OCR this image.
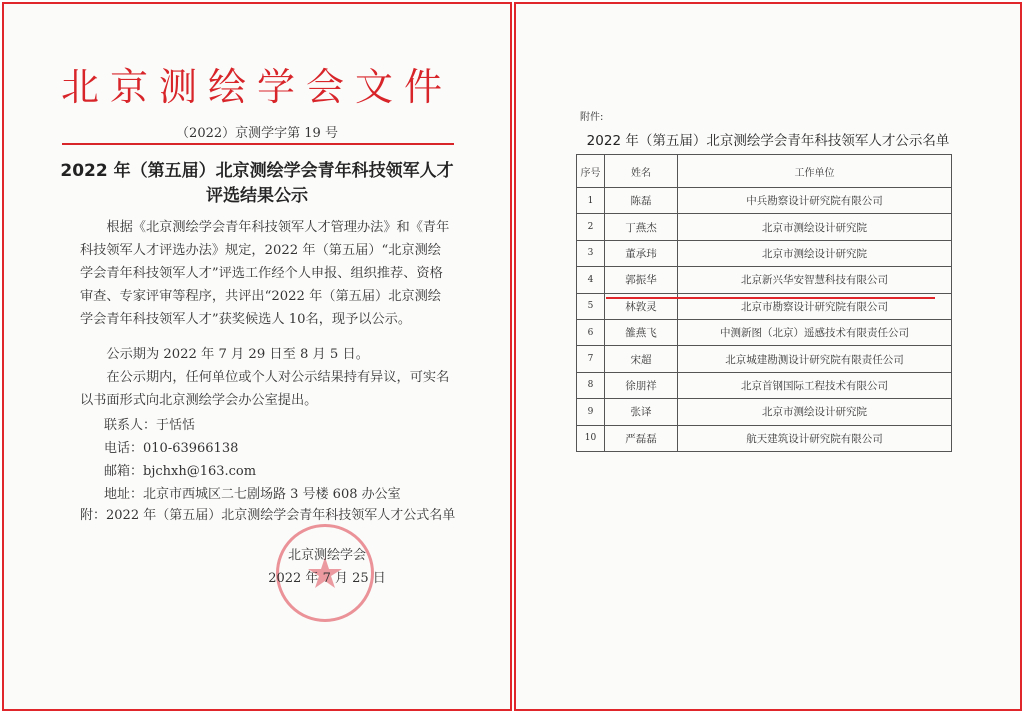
北京测绘学会文件
（2022）京测学字第 19 号
2022 年（第五届）北京测绘学会青年科技领军人才
评选结果公示
根据《北京测绘学会青年科技领军人才管理办法》和《青年科技领军人才评选办法》规定，2022 年（第五届）“北京测绘学会青年科技领军人才”评选工作经个人申报、组织推荐、资格审查、专家评审等程序，共评出“2022 年（第五届）北京测绘学会青年科技领军人才”获奖候选人 10名，现予以公示。
公示期为 2022 年 7 月 29 日至 8 月 5 日。
在公示期内，任何单位或个人对公示结果持有异议，可实名以书面形式向北京测绘学会办公室提出。
联系人：于恬恬
电话：010-63966138
邮箱：bjchxh@163.com
地址：北京市西城区二七剧场路 3 号楼 608 办公室
附：2022 年（第五届）北京测绘学会青年科技领军人才公式名单
北京测绘学会
2022 年 7 月 25 日
附件:
2022 年（第五届）北京测绘学会青年科技领军人才公示名单
序号	姓名	工作单位
1	陈磊	中兵勘察设计研究院有限公司
2	丁燕杰	北京市测绘设计研究院
3	董承玮	北京市测绘设计研究院
4	郭振华	北京新兴华安智慧科技有限公司
5	林敦灵	北京市勘察设计研究院有限公司
6	雒燕飞	中测新图（北京）遥感技术有限责任公司
7	宋超	北京城建勘测设计研究院有限责任公司
8	徐朋祥	北京首钢国际工程技术有限公司
9	张译	北京市测绘设计研究院
10	严磊磊	航天建筑设计研究院有限公司
